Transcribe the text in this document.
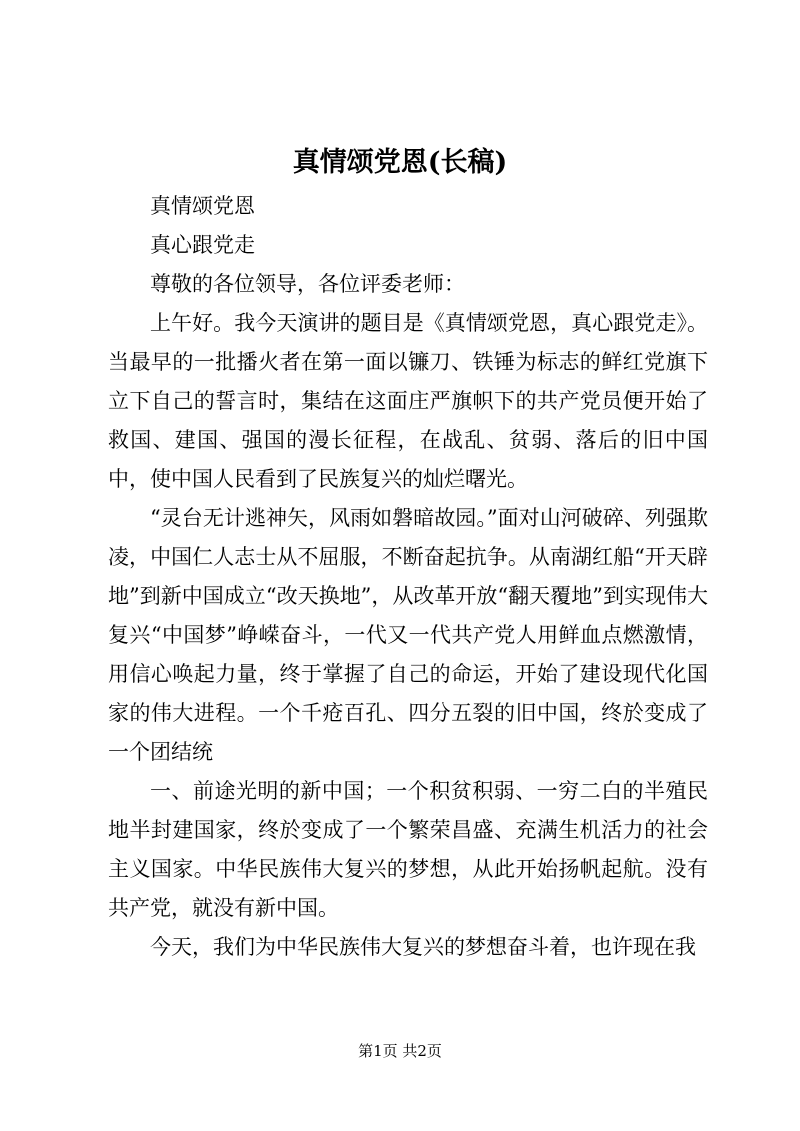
真情颂党恩(长稿)

真情颂党恩

真心跟党走

尊敬的各位领导，各位评委老师：

上午好。我今天演讲的题目是《真情颂党恩，真心跟党走》。当最早的一批播火者在第一面以镰刀、铁锤为标志的鲜红党旗下立下自己的誓言时，集结在这面庄严旗帜下的共产党员便开始了救国、建国、强国的漫长征程，在战乱、贫弱、落后的旧中国中，使中国人民看到了民族复兴的灿烂曙光。

“灵台无计逃神矢，风雨如磐暗故园。”面对山河破碎、列强欺凌，中国仁人志士从不屈服，不断奋起抗争。从南湖红船“开天辟地”到新中国成立“改天换地”，从改革开放“翻天覆地”到实现伟大复兴“中国梦”峥嵘奋斗，一代又一代共产党人用鲜血点燃激情，用信心唤起力量，终于掌握了自己的命运，开始了建设现代化国家的伟大进程。一个千疮百孔、四分五裂的旧中国，终於变成了一个团结统

一、前途光明的新中国；一个积贫积弱、一穷二白的半殖民地半封建国家，终於变成了一个繁荣昌盛、充满生机活力的社会主义国家。中华民族伟大复兴的梦想，从此开始扬帆起航。没有共产党，就没有新中国。

今天，我们为中华民族伟大复兴的梦想奋斗着，也许现在我

第1页 共2页
